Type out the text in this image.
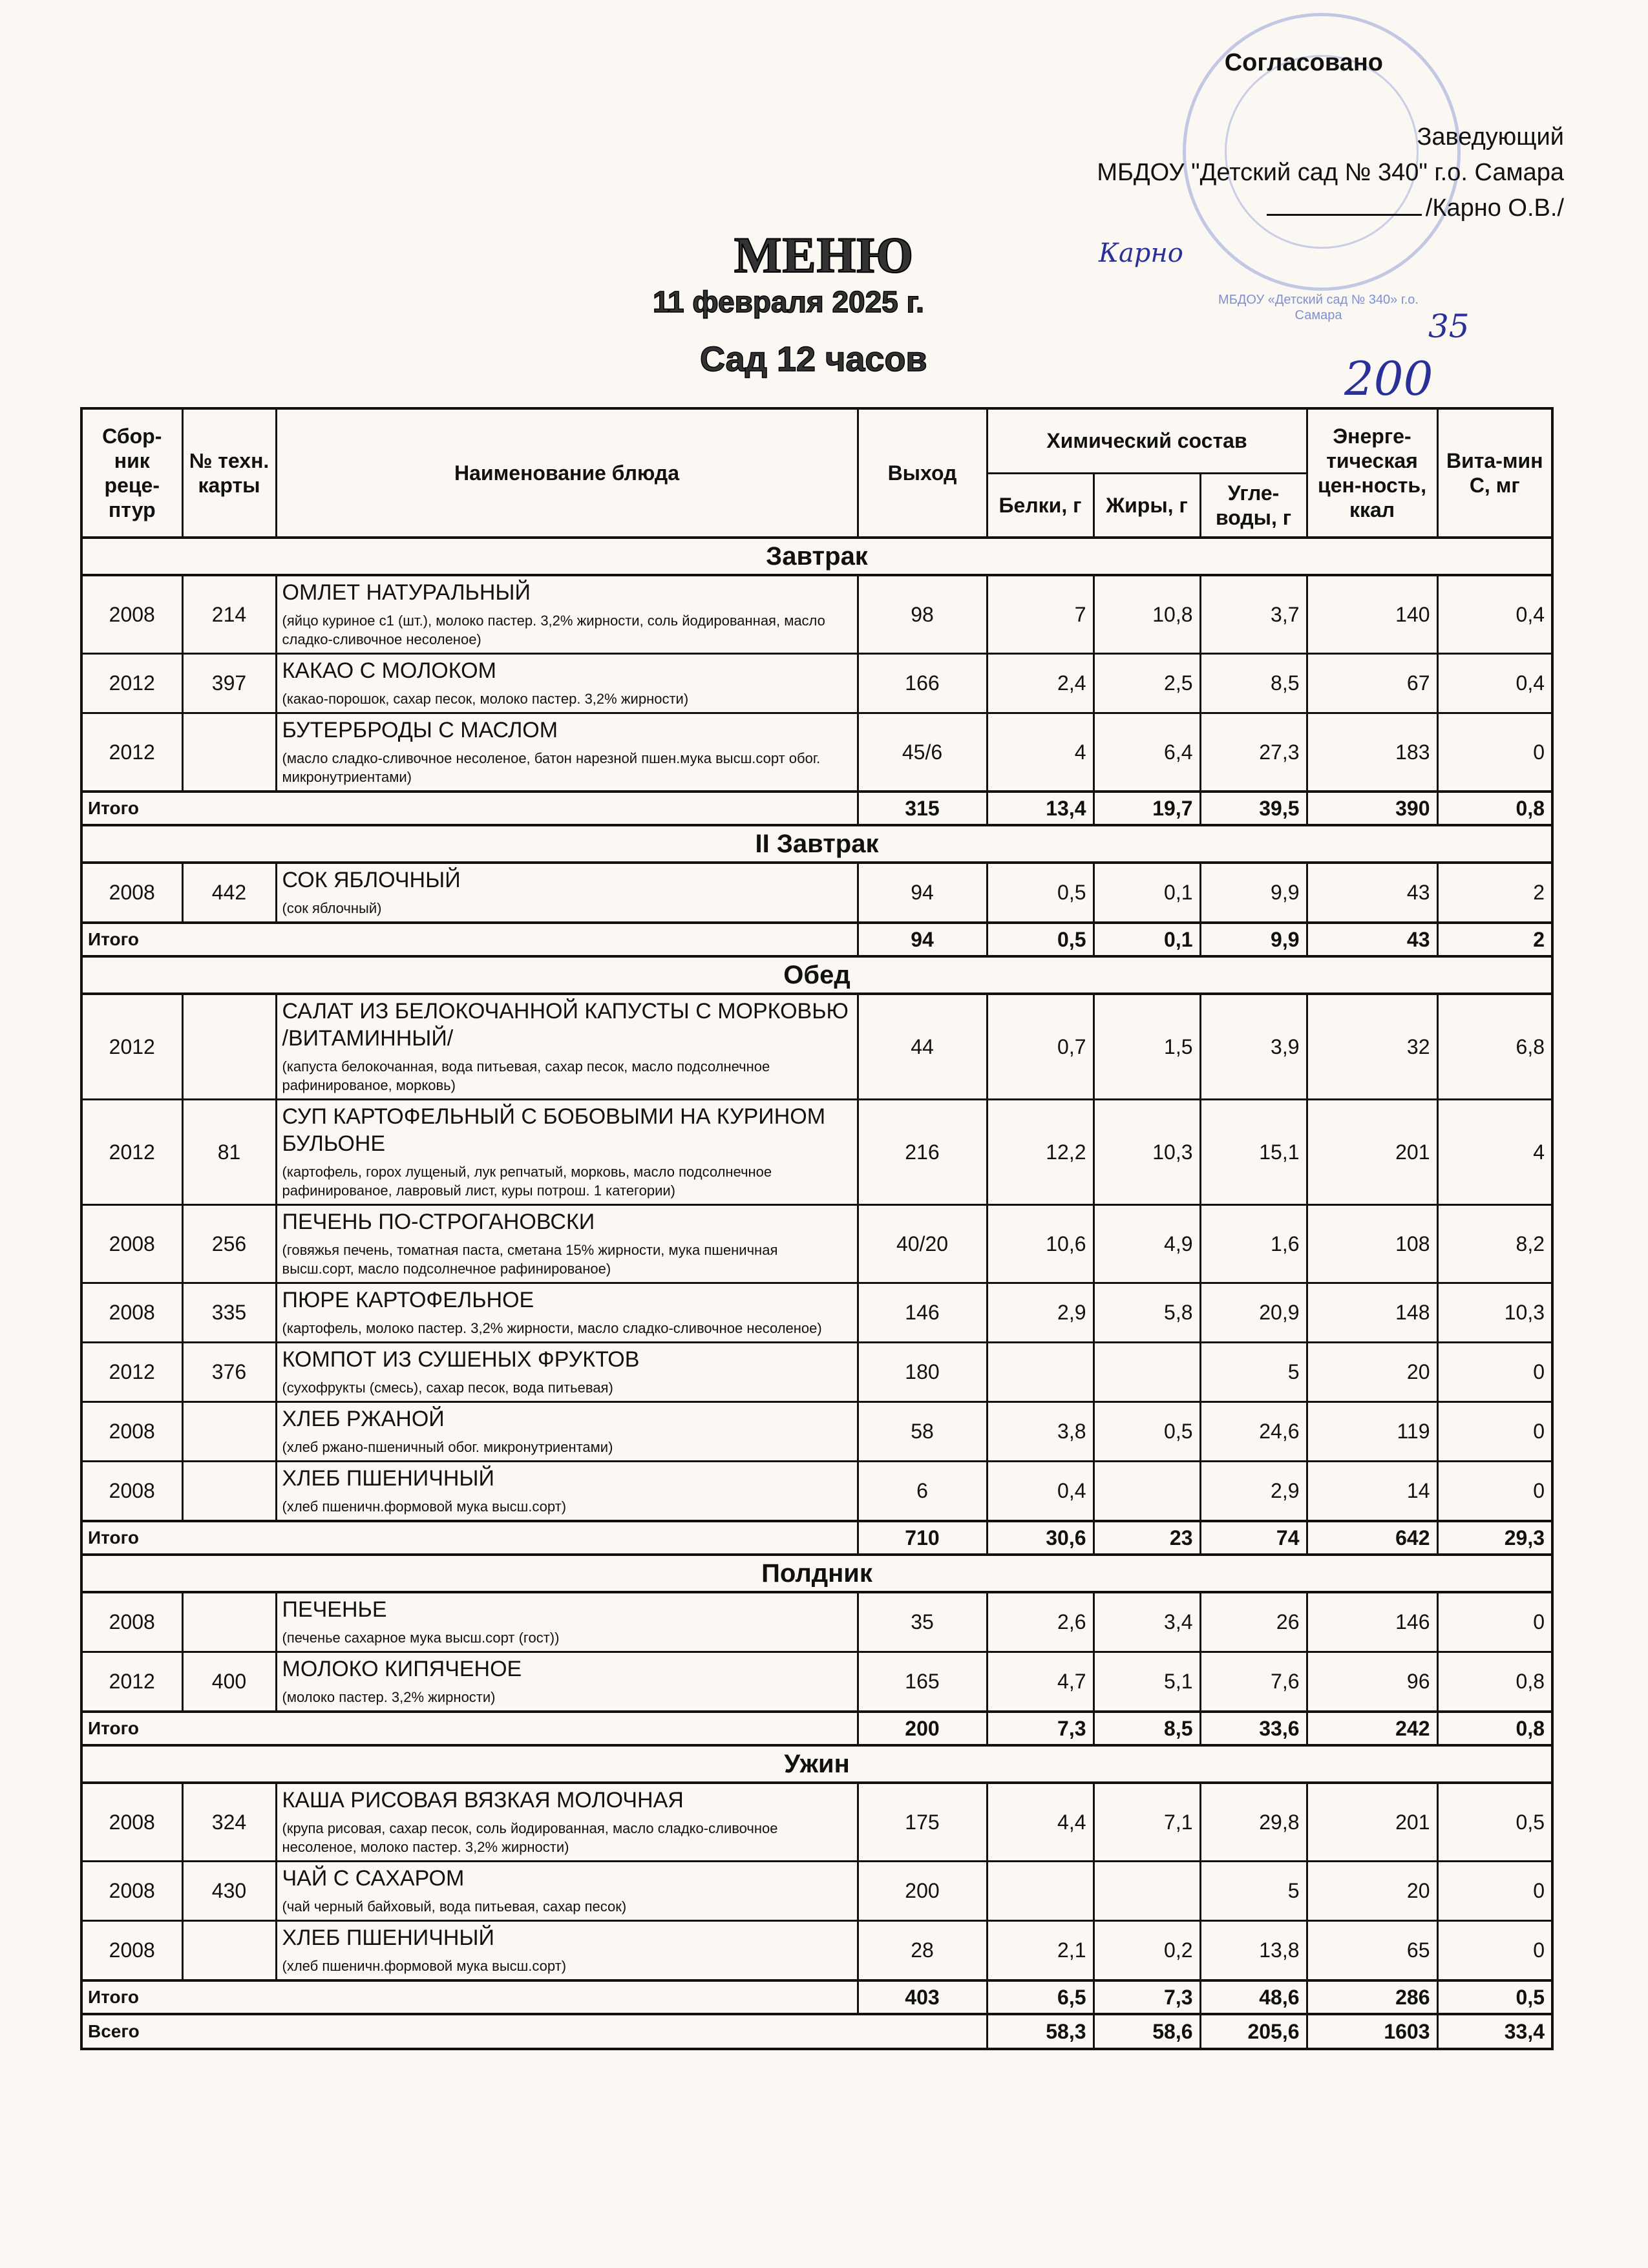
МБДОУ «Детский сад № 340» г.о. Самара
Согласовано
Заведующий
МБДОУ "Детский сад № 340" г.о. Самара
/Карно О.В./
Карно
200
35
МЕНЮ
11 февраля 2025 г.
Сад 12 часов
Сбор-ник реце-птур	№ техн. карты	Наименование блюда	Выход	Химический состав			Энерге-тическая цен-ность, ккал	Вита-мин С, мг
				Белки, г	Жиры, г	Угле-воды, г		
Завтрак								
2008	214	ОМЛЕТ НАТУРАЛЬНЫЙ
(яйцо куриное с1 (шт.), молоко пастер. 3,2% жирности, соль йодированная, масло сладко-сливочное несоленое)	98	7	10,8	3,7	140	0,4
2012	397	КАКАО С МОЛОКОМ
(какао-порошок, сахар песок, молоко пастер. 3,2% жирности)	166	2,4	2,5	8,5	67	0,4
2012		БУТЕРБРОДЫ С МАСЛОМ
(масло сладко-сливочное несоленое, батон нарезной пшен.мука высш.сорт обог. микронутриентами)	45/6	4	6,4	27,3	183	0
Итого			315	13,4	19,7	39,5	390	0,8
II Завтрак								
2008	442	СОК ЯБЛОЧНЫЙ
(сок яблочный)	94	0,5	0,1	9,9	43	2
Итого			94	0,5	0,1	9,9	43	2
Обед								
2012		САЛАТ ИЗ БЕЛОКОЧАННОЙ КАПУСТЫ С МОРКОВЬЮ /ВИТАМИННЫЙ/
(капуста белокочанная, вода питьевая, сахар песок, масло подсолнечное рафинированое, морковь)	44	0,7	1,5	3,9	32	6,8
2012	81	СУП КАРТОФЕЛЬНЫЙ С БОБОВЫМИ НА КУРИНОМ БУЛЬОНЕ
(картофель, горох лущеный, лук репчатый, морковь, масло подсолнечное рафинированое, лавровый лист, куры потрош. 1 категории)	216	12,2	10,3	15,1	201	4
2008	256	ПЕЧЕНЬ ПО-СТРОГАНОВСКИ
(говяжья печень, томатная паста, сметана 15% жирности, мука пшеничная высш.сорт, масло подсолнечное рафинированое)	40/20	10,6	4,9	1,6	108	8,2
2008	335	ПЮРЕ КАРТОФЕЛЬНОЕ
(картофель, молоко пастер. 3,2% жирности, масло сладко-сливочное несоленое)	146	2,9	5,8	20,9	148	10,3
2012	376	КОМПОТ ИЗ СУШЕНЫХ ФРУКТОВ
(сухофрукты (смесь), сахар песок, вода питьевая)	180			5	20	0
2008		ХЛЕБ РЖАНОЙ
(хлеб ржано-пшеничный обог. микронутриентами)	58	3,8	0,5	24,6	119	0
2008		ХЛЕБ ПШЕНИЧНЫЙ
(хлеб пшеничн.формовой мука высш.сорт)	6	0,4		2,9	14	0
Итого			710	30,6	23	74	642	29,3
Полдник								
2008		ПЕЧЕНЬЕ
(печенье сахарное мука высш.сорт (гост))	35	2,6	3,4	26	146	0
2012	400	МОЛОКО КИПЯЧЕНОЕ
(молоко пастер. 3,2% жирности)	165	4,7	5,1	7,6	96	0,8
Итого			200	7,3	8,5	33,6	242	0,8
Ужин								
2008	324	КАША РИСОВАЯ ВЯЗКАЯ МОЛОЧНАЯ
(крупа рисовая, сахар песок, соль йодированная, масло сладко-сливочное несоленое, молоко пастер. 3,2% жирности)	175	4,4	7,1	29,8	201	0,5
2008	430	ЧАЙ С САХАРОМ
(чай черный байховый, вода питьевая, сахар песок)	200			5	20	0
2008		ХЛЕБ ПШЕНИЧНЫЙ
(хлеб пшеничн.формовой мука высш.сорт)	28	2,1	0,2	13,8	65	0
Итого			403	6,5	7,3	48,6	286	0,5
Всего				58,3	58,6	205,6	1603	33,4
